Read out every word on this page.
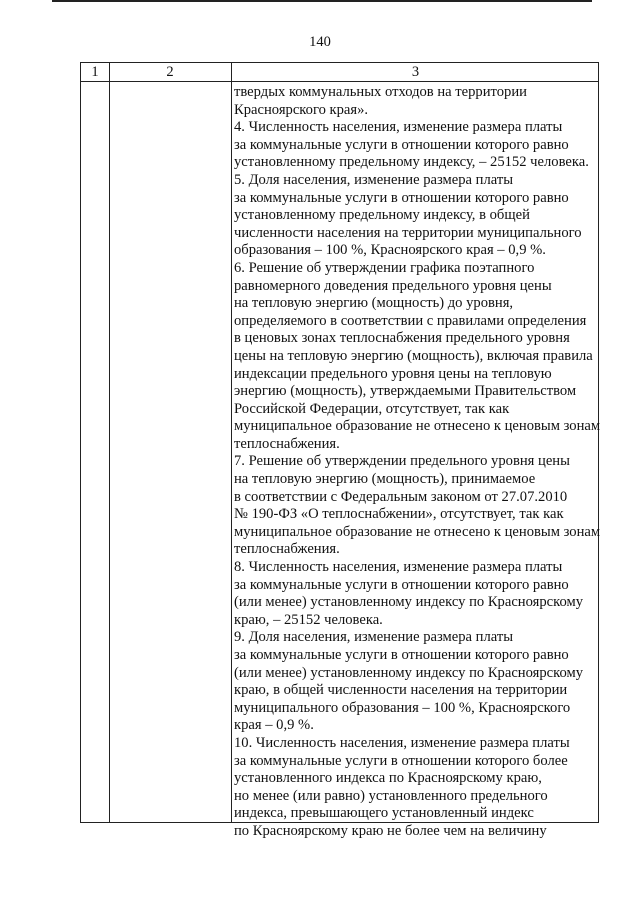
140
1	2	3
твердых коммунальных отходов на территории
Красноярского края».
4. Численность населения, изменение размера платы
за коммунальные услуги в отношении которого равно
установленному предельному индексу, – 25152 человека.
5. Доля населения, изменение размера платы
за коммунальные услуги в отношении которого равно
установленному предельному индексу, в общей
численности населения на территории муниципального
образования – 100 %, Красноярского края – 0,9 %.
6. Решение об утверждении графика поэтапного
равномерного доведения предельного уровня цены
на тепловую энергию (мощность) до уровня,
определяемого в соответствии с правилами определения
в ценовых зонах теплоснабжения предельного уровня
цены на тепловую энергию (мощность), включая правила
индексации предельного уровня цены на тепловую
энергию (мощность), утверждаемыми Правительством
Российской Федерации, отсутствует, так как
муниципальное образование не отнесено к ценовым зонам
теплоснабжения.
7. Решение об утверждении предельного уровня цены
на тепловую энергию (мощность), принимаемое
в соответствии с Федеральным законом от 27.07.2010
№ 190-ФЗ «О теплоснабжении», отсутствует, так как
муниципальное образование не отнесено к ценовым зонам
теплоснабжения.
8. Численность населения, изменение размера платы
за коммунальные услуги в отношении которого равно
(или менее) установленному индексу по Красноярскому
краю, – 25152 человека.
9. Доля населения, изменение размера платы
за коммунальные услуги в отношении которого равно
(или менее) установленному индексу по Красноярскому
краю, в общей численности населения на территории
муниципального образования – 100 %, Красноярского
края – 0,9 %.
10. Численность населения, изменение размера платы
за коммунальные услуги в отношении которого более
установленного индекса по Красноярскому краю,
но менее (или равно) установленного предельного
индекса, превышающего установленный индекс
по Красноярскому краю не более чем на величину
